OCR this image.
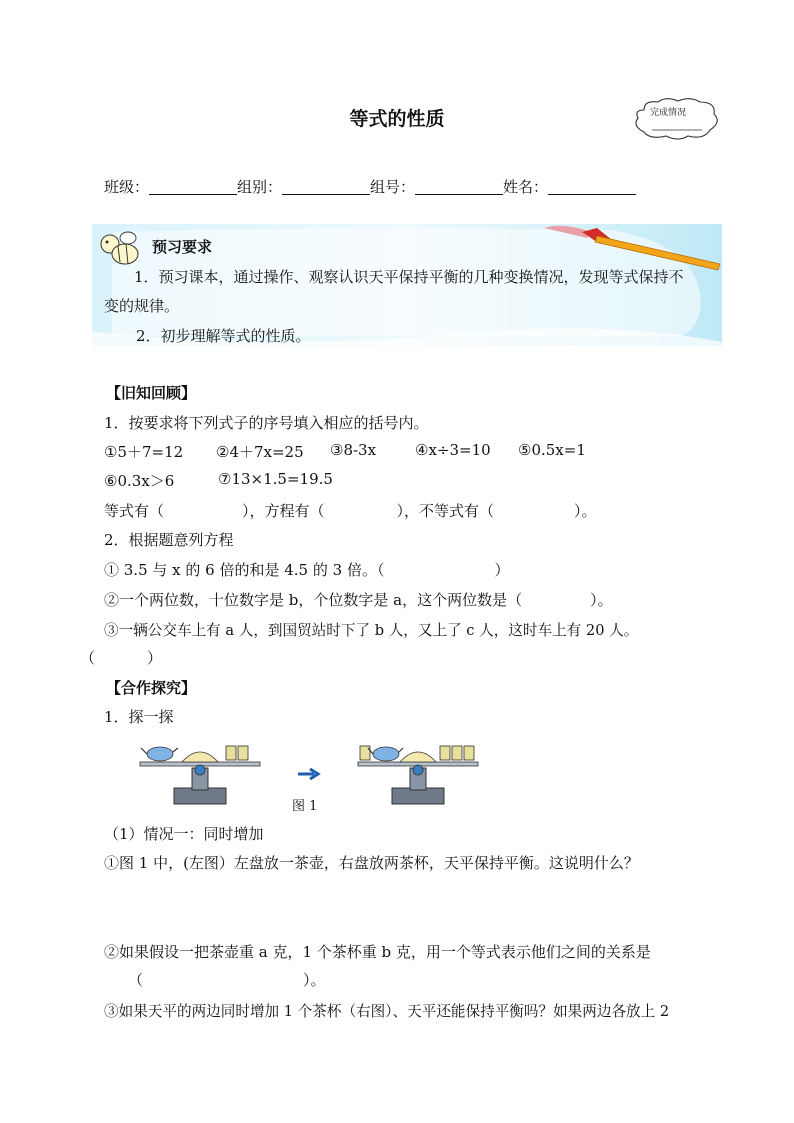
等式的性质	完成情况
班级：	组别：	组号：	姓名：
预习要求
1．预习课本，通过操作、观察认识天平保持平衡的几种变换情况，发现等式保持不
变的规律。
2．初步理解等式的性质。
【旧知回顾】
1．按要求将下列式子的序号填入相应的括号内。
①5＋7=12 ②4＋7x=25 ③8-3x	④x÷3=10 ⑤0.5x=1
⑥0.3x＞6	⑦13×1.5=19.5
等式有（	），方程有（	），不等式有（	）。
2．根据题意列方程
① 3.5 与 x 的 6 倍的和是 4.5 的 3 倍。（	）
②一个两位数，十位数字是 b，个位数字是 a，这个两位数是（	）。
③一辆公交车上有 a 人，到国贸站时下了 b 人，又上了 c 人，这时车上有 20 人。
（	）
【合作探究】
1．探一探
图 1
（1）情况一：同时增加
①图 1 中，(左图）左盘放一茶壶，右盘放两茶杯，天平保持平衡。这说明什么？
②如果假设一把茶壶重 a 克，1 个茶杯重 b 克，用一个等式表示他们之间的关系是
（	）。
③如果天平的两边同时增加 1 个茶杯（右图）、天平还能保持平衡吗？如果两边各放上 2
